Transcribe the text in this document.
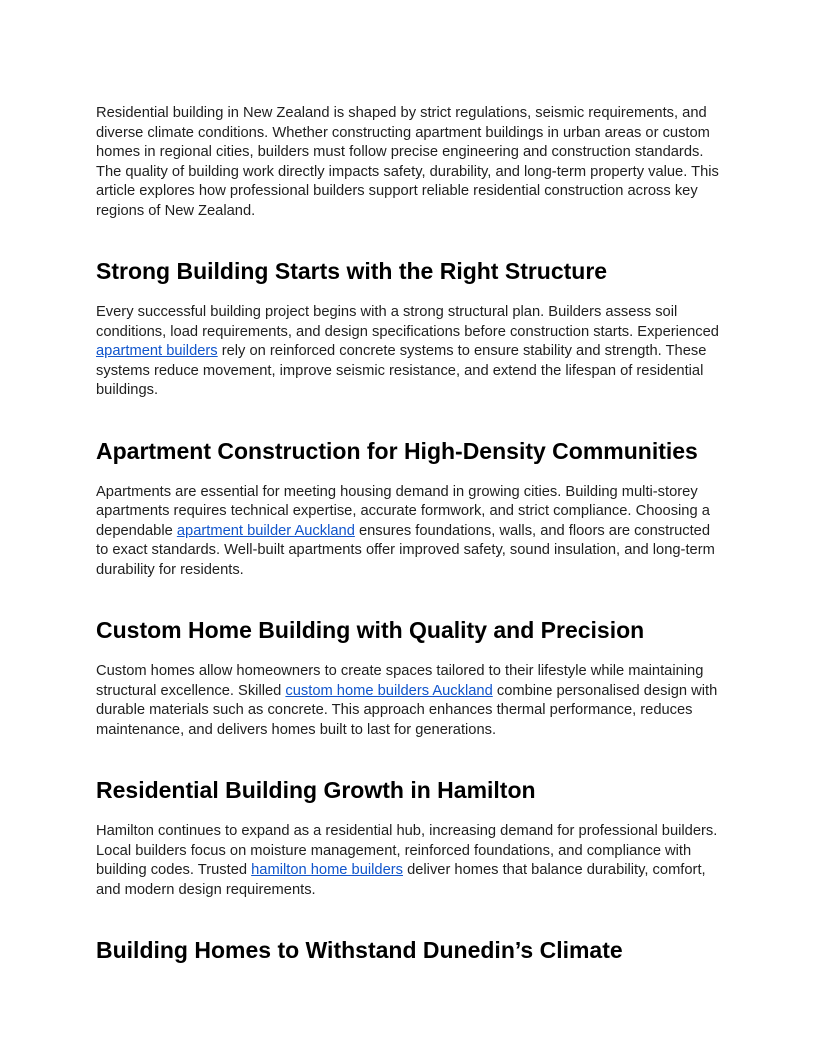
Residential building in New Zealand is shaped by strict regulations, seismic requirements, and diverse climate conditions. Whether constructing apartment buildings in urban areas or custom homes in regional cities, builders must follow precise engineering and construction standards. The quality of building work directly impacts safety, durability, and long-term property value. This article explores how professional builders support reliable residential construction across key regions of New Zealand.

Strong Building Starts with the Right Structure

Every successful building project begins with a strong structural plan. Builders assess soil conditions, load requirements, and design specifications before construction starts. Experienced apartment builders rely on reinforced concrete systems to ensure stability and strength. These systems reduce movement, improve seismic resistance, and extend the lifespan of residential buildings.

Apartment Construction for High-Density Communities

Apartments are essential for meeting housing demand in growing cities. Building multi-storey apartments requires technical expertise, accurate formwork, and strict compliance. Choosing a dependable apartment builder Auckland ensures foundations, walls, and floors are constructed to exact standards. Well-built apartments offer improved safety, sound insulation, and long-term durability for residents.

Custom Home Building with Quality and Precision

Custom homes allow homeowners to create spaces tailored to their lifestyle while maintaining structural excellence. Skilled custom home builders Auckland combine personalised design with durable materials such as concrete. This approach enhances thermal performance, reduces maintenance, and delivers homes built to last for generations.

Residential Building Growth in Hamilton

Hamilton continues to expand as a residential hub, increasing demand for professional builders. Local builders focus on moisture management, reinforced foundations, and compliance with building codes. Trusted hamilton home builders deliver homes that balance durability, comfort, and modern design requirements.

Building Homes to Withstand Dunedin’s Climate
